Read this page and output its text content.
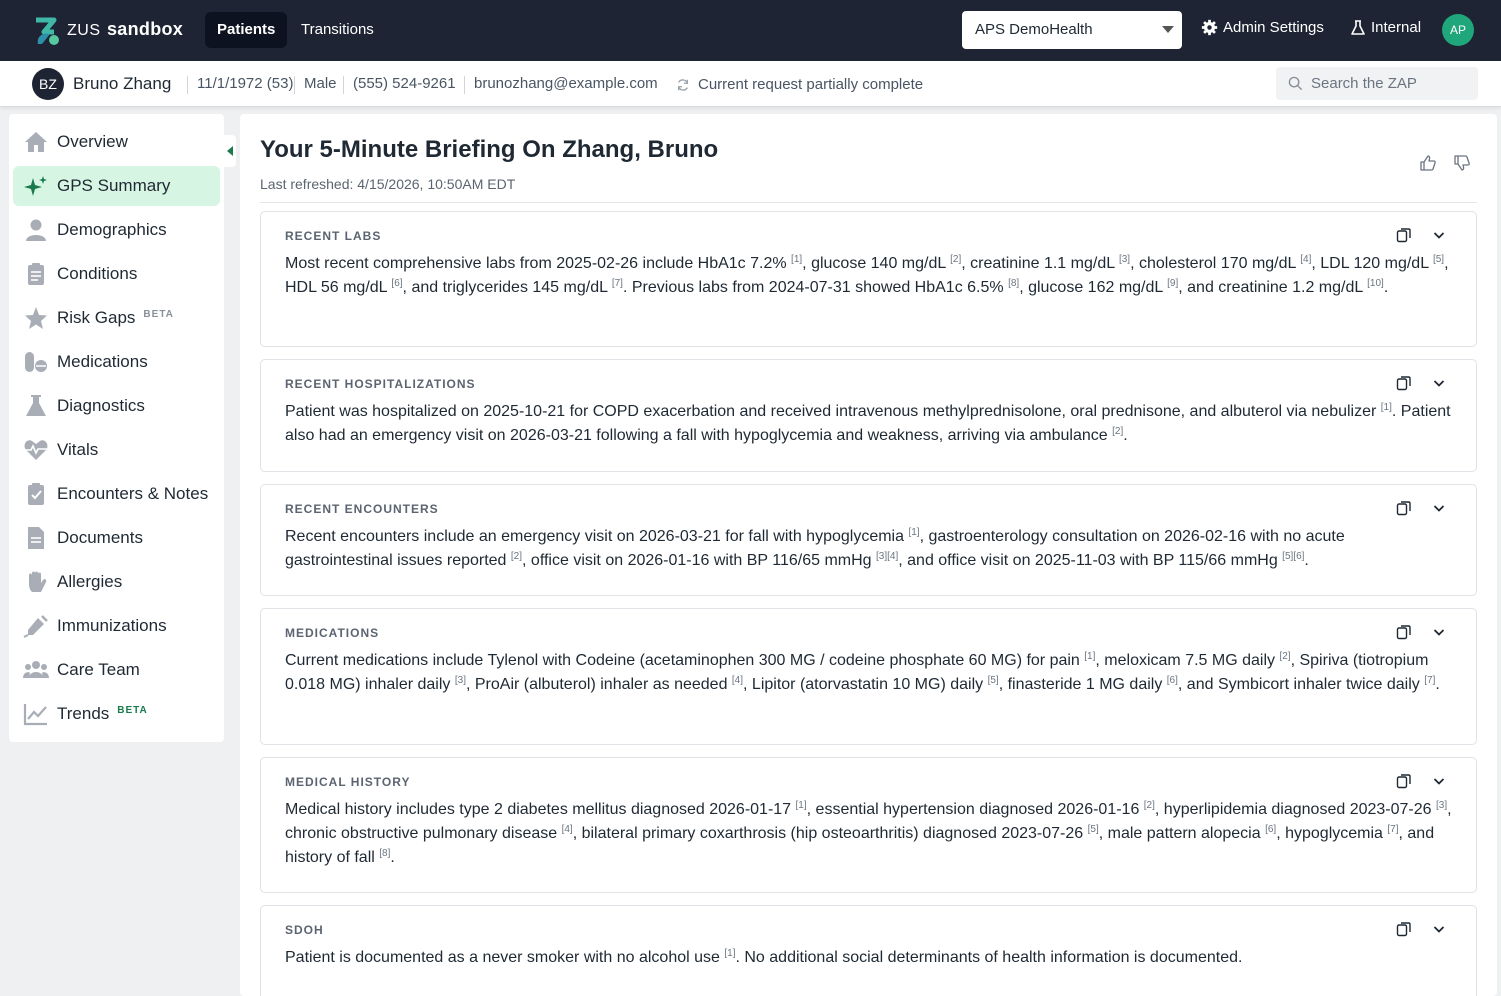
ZUS sandbox	Patients	Transitions	APS DemoHealth	Admin Settings	Internal	AP
BZ Bruno Zhang	11/1/1972 (53) Male	(555) 524-9261	brunozhang@example.com	Current request partially complete	Search the ZAP
Overview
GPS Summary
Demographics
Conditions
Risk Gaps $^{BETA}$
Medications
Diagnostics
Vitals
Encounters & Notes
Documents
Allergies
Immunizations
Care Team
Trends $^{BETA}$
Your 5-Minute Briefing On Zhang, Bruno
Last refreshed: 4/15/2026, 10:50AM EDT
RECENT LABS
Most recent comprehensive labs from 2025-02-26 include HbA1c 7.2% [1], glucose 140 mg/dL [2], creatinine 1.1 mg/dL [3], cholesterol 170 mg/dL [4], LDL 120 mg/dL [5], HDL 56 mg/dL [6], and triglycerides 145 mg/dL [7]. Previous labs from 2024-07-31 showed HbA1c 6.5% [8], glucose 162 mg/dL [9], and creatinine 1.2 mg/dL [10].
RECENT HOSPITALIZATIONS
Patient was hospitalized on 2025-10-21 for COPD exacerbation and received intravenous methylprednisolone, oral prednisone, and albuterol via nebulizer [1]. Patient also had an emergency visit on 2026-03-21 following a fall with hypoglycemia and weakness, arriving via ambulance [2].
RECENT ENCOUNTERS
Recent encounters include an emergency visit on 2026-03-21 for fall with hypoglycemia [1], gastroenterology consultation on 2026-02-16 with no acute gastrointestinal issues reported [2], office visit on 2026-01-16 with BP 116/65 mmHg [3][4], and office visit on 2025-11-03 with BP 115/66 mmHg [5][6].
MEDICATIONS
Current medications include Tylenol with Codeine (acetaminophen 300 MG / codeine phosphate 60 MG) for pain [1], meloxicam 7.5 MG daily [2], Spiriva (tiotropium 0.018 MG) inhaler daily [3], ProAir (albuterol) inhaler as needed [4], Lipitor (atorvastatin 10 MG) daily [5], finasteride 1 MG daily [6], and Symbicort inhaler twice daily [7].
MEDICAL HISTORY
Medical history includes type 2 diabetes mellitus diagnosed 2026-01-17 [1], essential hypertension diagnosed 2026-01-16 [2], hyperlipidemia diagnosed 2023-07-26 [3], chronic obstructive pulmonary disease [4], bilateral primary coxarthrosis (hip osteoarthritis) diagnosed 2023-07-26 [5], male pattern alopecia [6], hypoglycemia [7], and history of fall [8].
SDOH
Patient is documented as a never smoker with no alcohol use [1]. No additional social determinants of health information is documented.
